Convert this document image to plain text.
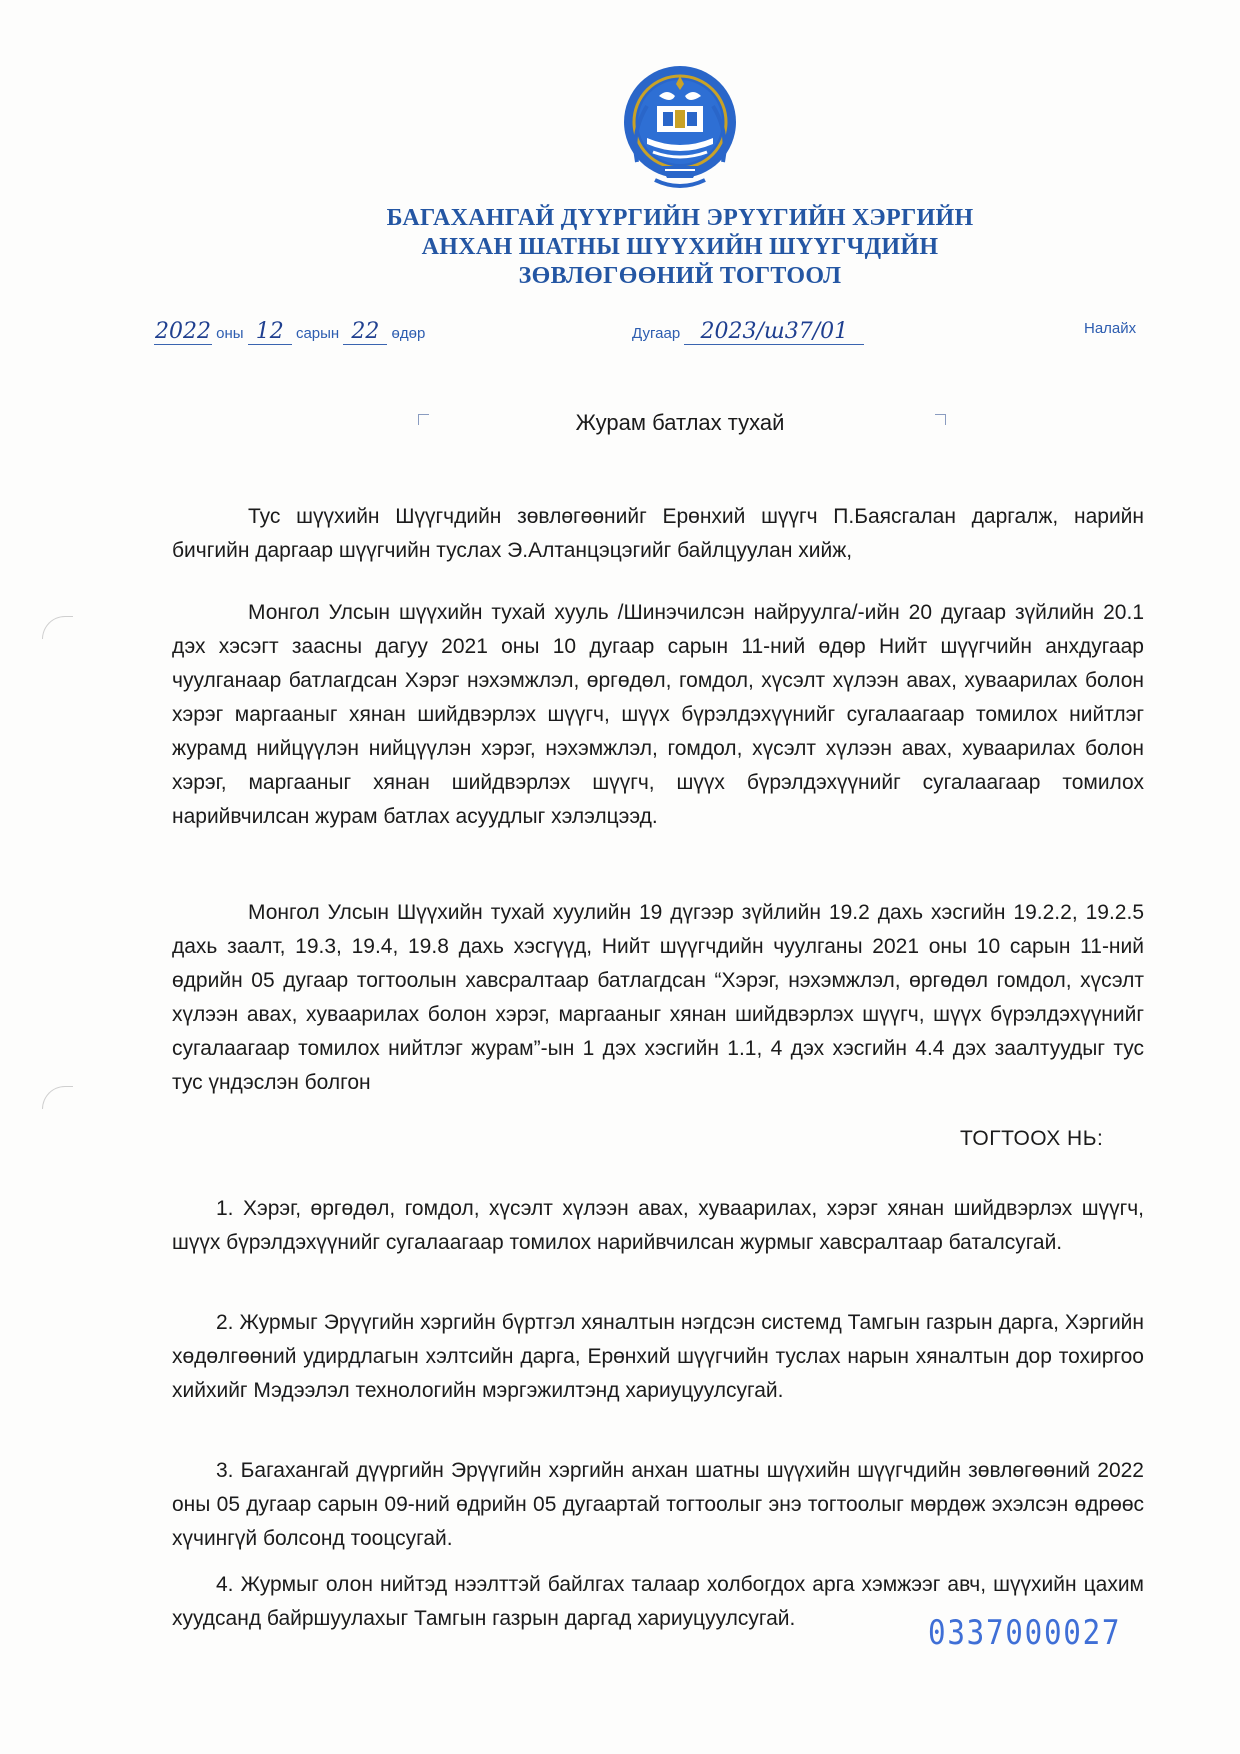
БАГАХАНГАЙ ДҮҮРГИЙН ЭРҮҮГИЙН ХЭРГИЙН
АНХАН ШАТНЫ ШҮҮХИЙН ШҮҮГЧДИЙН
ЗӨВЛӨГӨӨНИЙ ТОГТООЛ
2022 оны 12 сарын 22 өдөр	Дугаар 2023/ш37/01	Налайх
Журам батлах тухай

Тус шүүхийн Шүүгчдийн зөвлөгөөнийг Ерөнхий шүүгч П.Баясгалан даргалж, нарийн бичгийн даргаар шүүгчийн туслах Э.Алтанцэцэгийг байлцуулан хийж,

Монгол Улсын шүүхийн тухай хууль /Шинэчилсэн найруулга/-ийн 20 дугаар зүйлийн 20.1 дэх хэсэгт заасны дагуу 2021 оны 10 дугаар сарын 11-ний өдөр Нийт шүүгчийн анхдугаар чуулганаар батлагдсан Хэрэг нэхэмжлэл, өргөдөл, гомдол, хүсэлт хүлээн авах, хуваарилах болон хэрэг маргааныг хянан шийдвэрлэх шүүгч, шүүх бүрэлдэхүүнийг сугалаагаар томилох нийтлэг журамд нийцүүлэн нийцүүлэн хэрэг, нэхэмжлэл, гомдол, хүсэлт хүлээн авах, хуваарилах болон хэрэг, маргааныг хянан шийдвэрлэх шүүгч, шүүх бүрэлдэхүүнийг сугалаагаар томилох нарийвчилсан журам батлах асуудлыг хэлэлцээд.

Монгол Улсын Шүүхийн тухай хуулийн 19 дүгээр зүйлийн 19.2 дахь хэсгийн 19.2.2, 19.2.5 дахь заалт, 19.3, 19.4, 19.8 дахь хэсгүүд, Нийт шүүгчдийн чуулганы 2021 оны 10 сарын 11-ний өдрийн 05 дугаар тогтоолын хавсралтаар батлагдсан “Хэрэг, нэхэмжлэл, өргөдөл гомдол, хүсэлт хүлээн авах, хуваарилах болон хэрэг, маргааныг хянан шийдвэрлэх шүүгч, шүүх бүрэлдэхүүнийг сугалаагаар томилох нийтлэг журам”-ын 1 дэх хэсгийн 1.1, 4 дэх хэсгийн 4.4 дэх заалтуудыг тус тус үндэслэн болгон

ТОГТООХ НЬ:

1. Хэрэг, өргөдөл, гомдол, хүсэлт хүлээн авах, хуваарилах, хэрэг хянан шийдвэрлэх шүүгч, шүүх бүрэлдэхүүнийг сугалаагаар томилох нарийвчилсан журмыг хавсралтаар баталсугай.

2. Журмыг Эрүүгийн хэргийн бүртгэл хяналтын нэгдсэн системд Тамгын газрын дарга, Хэргийн хөдөлгөөний удирдлагын хэлтсийн дарга, Ерөнхий шүүгчийн туслах нарын хяналтын дор тохиргоо хийхийг Мэдээлэл технологийн мэргэжилтэнд хариуцуулсугай.

3. Багахангай дүүргийн Эрүүгийн хэргийн анхан шатны шүүхийн шүүгчдийн зөвлөгөөний 2022 оны 05 дугаар сарын 09-ний өдрийн 05 дугаартай тогтоолыг энэ тогтоолыг мөрдөж эхэлсэн өдрөөс хүчингүй болсонд тооцсугай.

4. Журмыг олон нийтэд нээлттэй байлгах талаар холбогдох арга хэмжээг авч, шүүхийн цахим хуудсанд байршуулахыг Тамгын газрын даргад хариуцуулсугай.	0337000027
